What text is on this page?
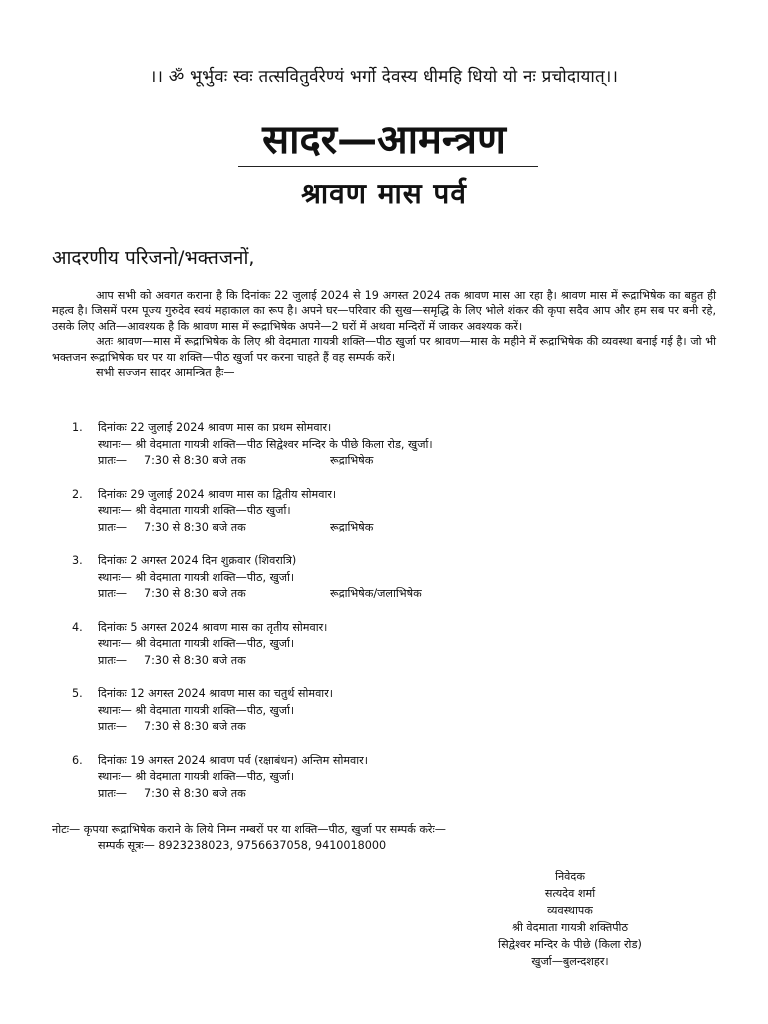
।। ॐ भूर्भुवः स्वः तत्सवितुर्वरेण्यं भर्गो देवस्य धीमहि धियो यो नः प्रचोदायात्।।
सादर—आमन्त्रण
श्रावण मास पर्व
आदरणीय परिजनो/भक्तजनों,

आप सभी को अवगत कराना है कि दिनांकः 22 जुलाई 2024 से 19 अगस्त 2024 तक श्रावण मास आ रहा है। श्रावण मास में रूद्राभिषेक का बहुत ही महत्व है। जिसमें परम पूज्य गुरुदेव स्वयं महाकाल का रूप है। अपने घर—परिवार की सुख—समृद्धि के लिए भोले शंकर की कृपा सदैव आप और हम सब पर बनी रहे, उसके लिए अति—आवश्यक है कि श्रावण मास में रूद्राभिषेक अपने—2 घरों में अथवा मन्दिरों में जाकर अवश्यक करें।

अतः श्रावण—मास में रूद्राभिषेक के लिए श्री वेदमाता गायत्री शक्ति—पीठ खुर्जा पर श्रावण—मास के महीने में रूद्राभिषेक की व्यवस्था बनाई गई है। जो भी भक्तजन रूद्राभिषेक घर पर या शक्ति—पीठ खुर्जा पर करना चाहते हैं वह सम्पर्क करें।

सभी सज्जन सादर आमन्त्रित हैः—

1.	दिनांकः 22 जुलाई 2024 श्रावण मास का प्रथम सोमवार।
स्थानः— श्री वेदमाता गायत्री शक्ति—पीठ सिद्वेश्वर मन्दिर के पीछे किला रोड, खुर्जा।
प्रातः— 7:30 से 8:30 बजे तक	रूद्राभिषेक
2.	दिनांकः 29 जुलाई 2024 श्रावण मास का द्वितीय सोमवार।
स्थानः— श्री वेदमाता गायत्री शक्ति—पीठ खुर्जा।
प्रातः— 7:30 से 8:30 बजे तक	रूद्राभिषेक
3.	दिनांकः 2 अगस्त 2024 दिन शुक्रवार (शिवरात्रि)
स्थानः— श्री वेदमाता गायत्री शक्ति—पीठ, खुर्जा।
प्रातः— 7:30 से 8:30 बजे तक	रूद्राभिषेक/जलाभिषेक
4.	दिनांकः 5 अगस्त 2024 श्रावण मास का तृतीय सोमवार।
स्थानः— श्री वेदमाता गायत्री शक्ति—पीठ, खुर्जा।
प्रातः— 7:30 से 8:30 बजे तक
5.	दिनांकः 12 अगस्त 2024 श्रावण मास का चतुर्थ सोमवार।
स्थानः— श्री वेदमाता गायत्री शक्ति—पीठ, खुर्जा।
प्रातः— 7:30 से 8:30 बजे तक
6.	दिनांकः 19 अगस्त 2024 श्रावण पर्व (रक्षाबंधन) अन्तिम सोमवार।
स्थानः— श्री वेदमाता गायत्री शक्ति—पीठ, खुर्जा।
प्रातः— 7:30 से 8:30 बजे तक
नोटः— कृपया रूद्राभिषेक कराने के लिये निम्न नम्बरों पर या शक्ति—पीठ, खुर्जा पर सम्पर्क करेः—
सम्पर्क सूत्रः— 8923238023, 9756637058, 9410018000
निवेदक
सत्यदेव शर्मा
व्यवस्थापक
श्री वेदमाता गायत्री शक्तिपीठ
सिद्वेश्वर मन्दिर के पीछे (किला रोड)
खुर्जा—बुलन्दशहर।
